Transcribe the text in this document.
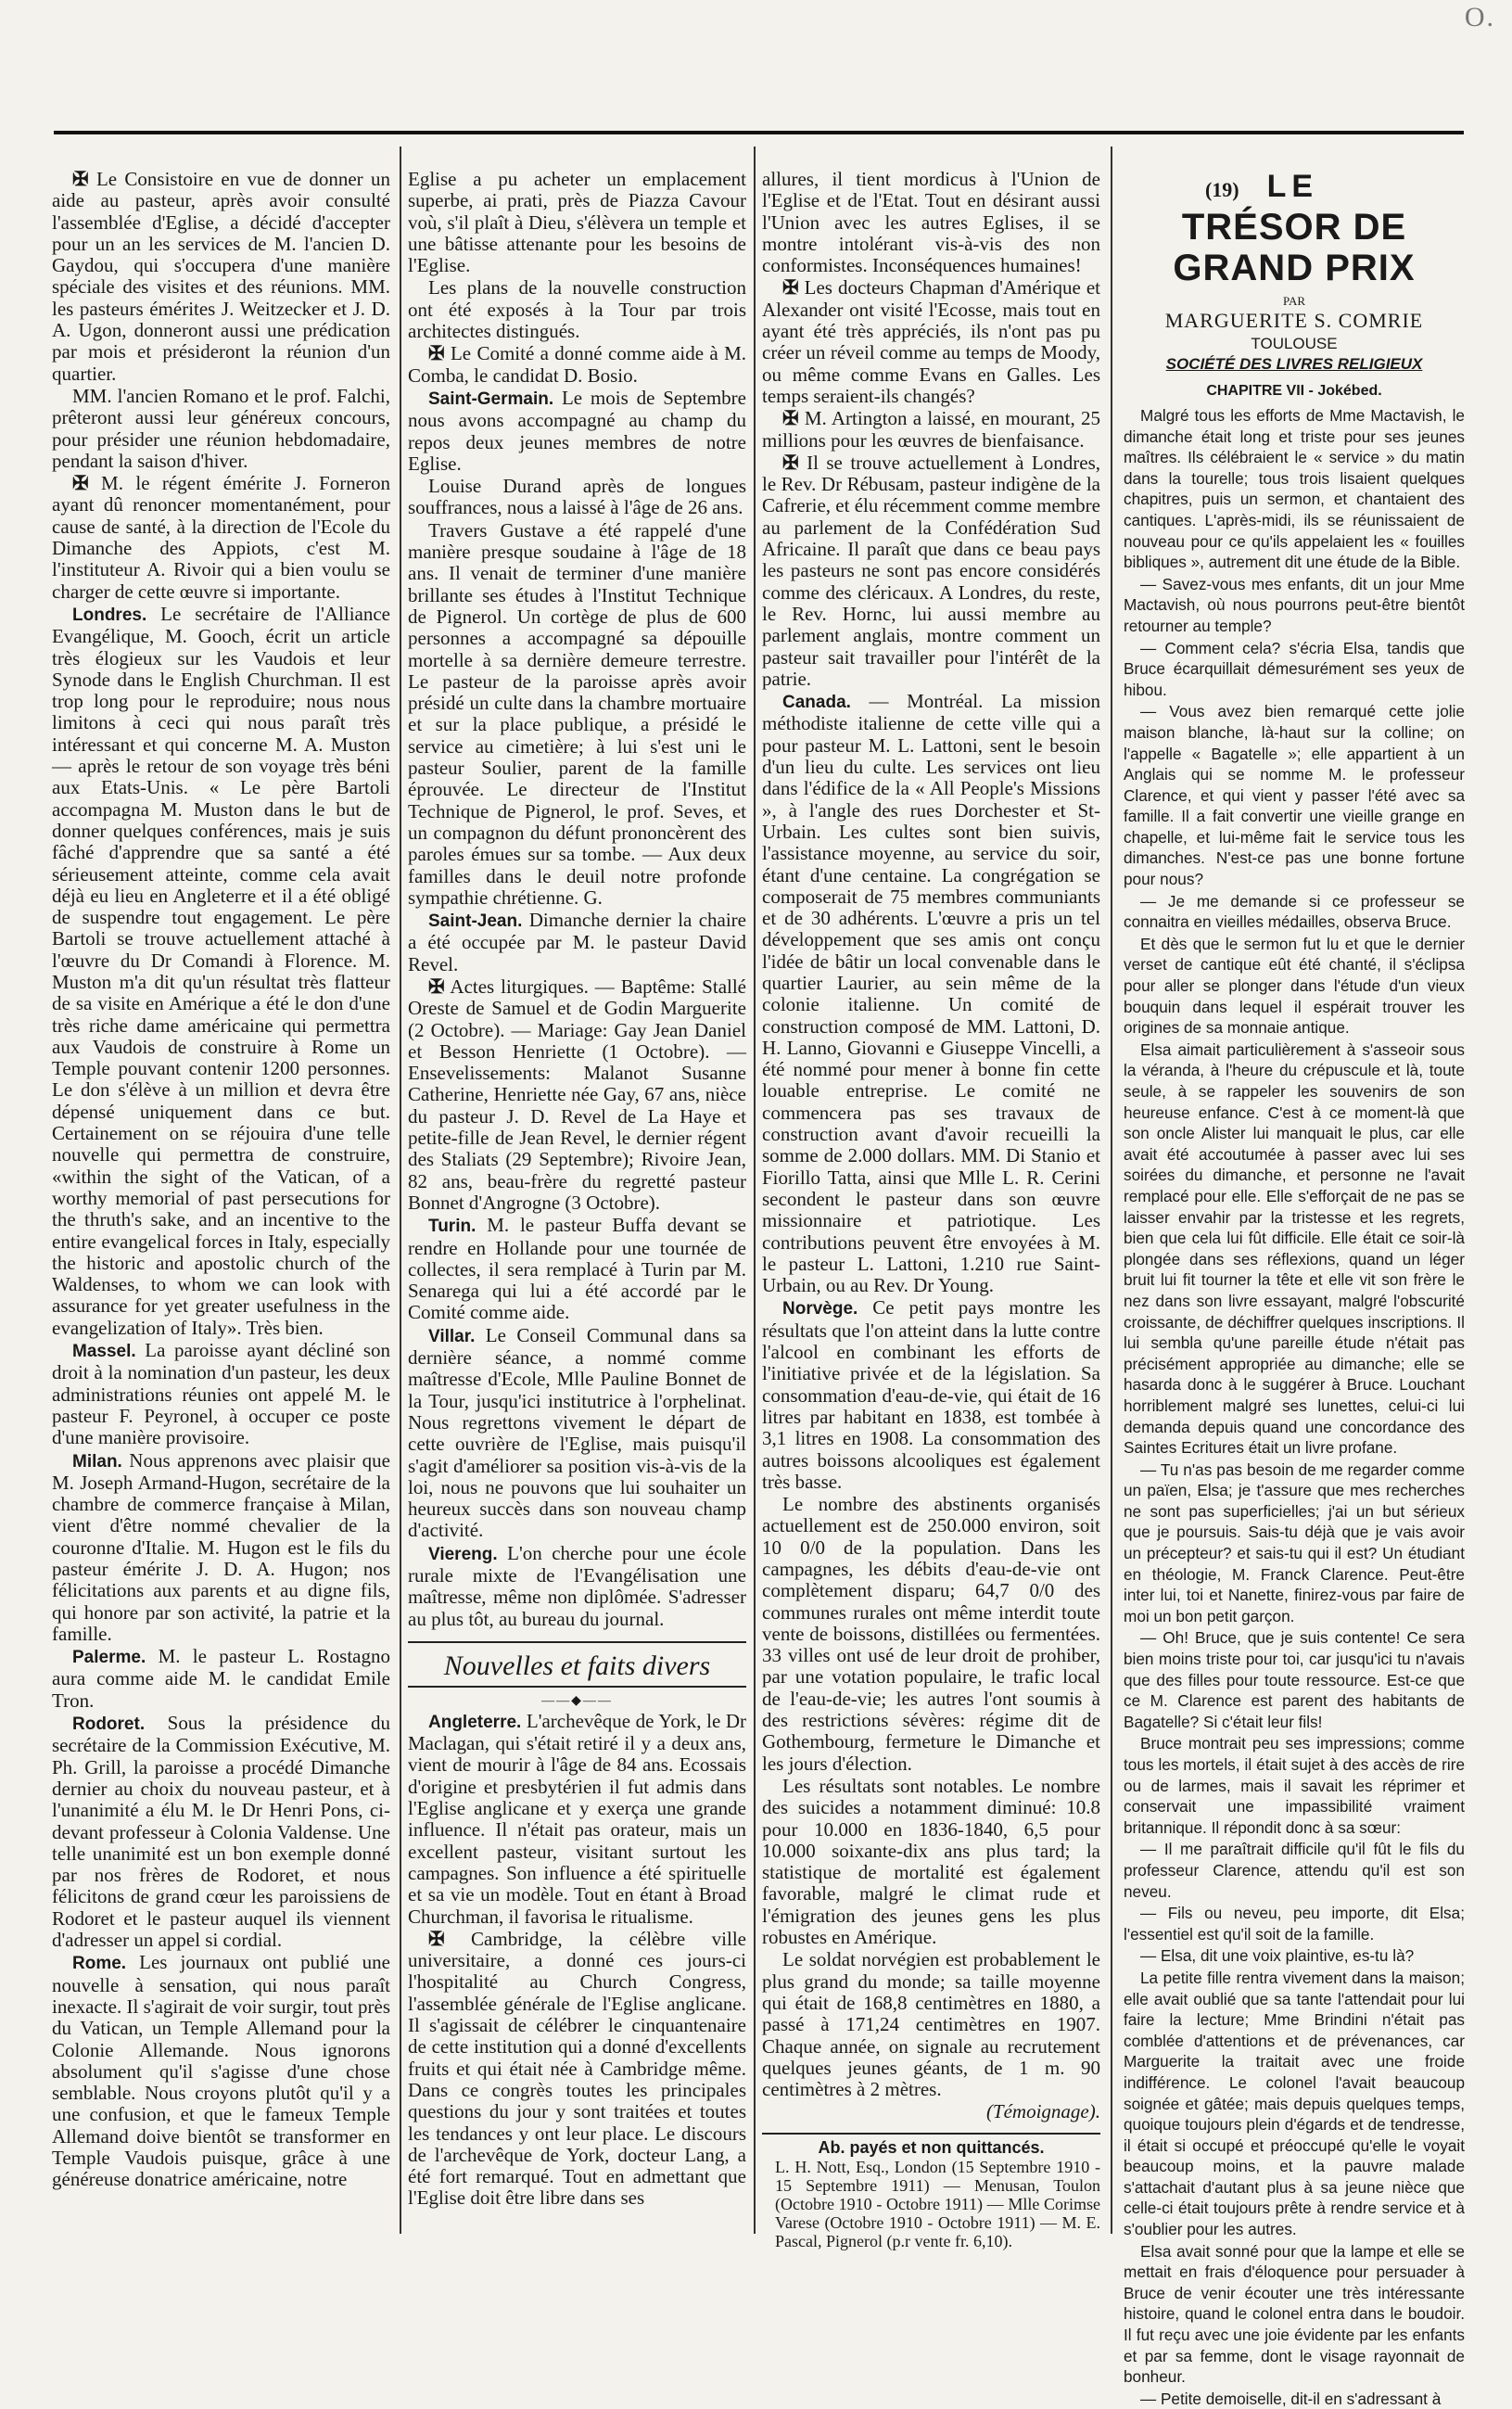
O.

✠ Le Consistoire en vue de donner un aide au pasteur, après avoir consulté l'assemblée d'Eglise, a décidé d'accepter pour un an les services de M. l'ancien D. Gaydou, qui s'occupera d'une manière spéciale des visites et des réunions. MM. les pasteurs émérites J. Weitzecker et J. D. A. Ugon, donneront aussi une prédication par mois et présideront la réunion d'un quartier.

MM. l'ancien Romano et le prof. Falchi, prêteront aussi leur généreux concours, pour présider une réunion hebdomadaire, pendant la saison d'hiver.

✠ M. le régent émérite J. Forneron ayant dû renoncer momentanément, pour cause de santé, à la direction de l'Ecole du Dimanche des Appiots, c'est M. l'instituteur A. Rivoir qui a bien voulu se charger de cette œuvre si importante.

Londres. Le secrétaire de l'Alliance Evangélique, M. Gooch, écrit un article très élogieux sur les Vaudois et leur Synode dans le English Churchman. Il est trop long pour le reproduire; nous nous limitons à ceci qui nous paraît très intéressant et qui concerne M. A. Muston — après le retour de son voyage très béni aux Etats-Unis. « Le père Bartoli accompagna M. Muston dans le but de donner quelques conférences, mais je suis fâché d'apprendre que sa santé a été sérieusement atteinte, comme cela avait déjà eu lieu en Angleterre et il a été obligé de suspendre tout engagement. Le père Bartoli se trouve actuellement attaché à l'œuvre du Dr Comandi à Florence. M. Muston m'a dit qu'un résultat très flatteur de sa visite en Amérique a été le don d'une très riche dame américaine qui permettra aux Vaudois de construire à Rome un Temple pouvant contenir 1200 personnes. Le don s'élève à un million et devra être dépensé uniquement dans ce but. Certainement on se réjouira d'une telle nouvelle qui permettra de construire, «within the sight of the Vatican, of a worthy memorial of past persecutions for the thruth's sake, and an incentive to the entire evangelical forces in Italy, especially the historic and apostolic church of the Waldenses, to whom we can look with assurance for yet greater usefulness in the evangelization of Italy». Très bien.

Massel. La paroisse ayant décliné son droit à la nomination d'un pasteur, les deux administrations réunies ont appelé M. le pasteur F. Peyronel, à occuper ce poste d'une manière provisoire.

Milan. Nous apprenons avec plaisir que M. Joseph Armand-Hugon, secrétaire de la chambre de commerce française à Milan, vient d'être nommé chevalier de la couronne d'Italie. M. Hugon est le fils du pasteur émérite J. D. A. Hugon; nos félicitations aux parents et au digne fils, qui honore par son activité, la patrie et la famille.

Palerme. M. le pasteur L. Rostagno aura comme aide M. le candidat Emile Tron.

Rodoret. Sous la présidence du secrétaire de la Commission Exécutive, M. Ph. Grill, la paroisse a procédé Dimanche dernier au choix du nouveau pasteur, et à l'unanimité a élu M. le Dr Henri Pons, ci-devant professeur à Colonia Valdense. Une telle unanimité est un bon exemple donné par nos frères de Rodoret, et nous félicitons de grand cœur les paroissiens de Rodoret et le pasteur auquel ils viennent d'adresser un appel si cordial.

Rome. Les journaux ont publié une nouvelle à sensation, qui nous paraît inexacte. Il s'agirait de voir surgir, tout près du Vatican, un Temple Allemand pour la Colonie Allemande. Nous ignorons absolument qu'il s'agisse d'une chose semblable. Nous croyons plutôt qu'il y a une confusion, et que le fameux Temple Allemand doive bientôt se transformer en Temple Vaudois puisque, grâce à une généreuse donatrice américaine, notre

Eglise a pu acheter un emplacement superbe, ai prati, près de Piazza Cavour voù, s'il plaît à Dieu, s'élèvera un temple et une bâtisse attenante pour les besoins de l'Eglise.

Les plans de la nouvelle construction ont été exposés à la Tour par trois architectes distingués.

✠ Le Comité a donné comme aide à M. Comba, le candidat D. Bosio.

Saint-Germain. Le mois de Septembre nous avons accompagné au champ du repos deux jeunes membres de notre Eglise.

Louise Durand après de longues souffrances, nous a laissé à l'âge de 26 ans.

Travers Gustave a été rappelé d'une manière presque soudaine à l'âge de 18 ans. Il venait de terminer d'une manière brillante ses études à l'Institut Technique de Pignerol. Un cortège de plus de 600 personnes a accompagné sa dépouille mortelle à sa dernière demeure terrestre. Le pasteur de la paroisse après avoir présidé un culte dans la chambre mortuaire et sur la place publique, a présidé le service au cimetière; à lui s'est uni le pasteur Soulier, parent de la famille éprouvée. Le directeur de l'Institut Technique de Pignerol, le prof. Seves, et un compagnon du défunt prononcèrent des paroles émues sur sa tombe. — Aux deux familles dans le deuil notre profonde sympathie chrétienne. G.

Saint-Jean. Dimanche dernier la chaire a été occupée par M. le pasteur David Revel.

✠ Actes liturgiques. — Baptême: Stallé Oreste de Samuel et de Godin Marguerite (2 Octobre). — Mariage: Gay Jean Daniel et Besson Henriette (1 Octobre). — Ensevelissements: Malanot Susanne Catherine, Henriette née Gay, 67 ans, nièce du pasteur J. D. Revel de La Haye et petite-fille de Jean Revel, le dernier régent des Staliats (29 Septembre); Rivoire Jean, 82 ans, beau-frère du regretté pasteur Bonnet d'Angrogne (3 Octobre).

Turin. M. le pasteur Buffa devant se rendre en Hollande pour une tournée de collectes, il sera remplacé à Turin par M. Senarega qui lui a été accordé par le Comité comme aide.

Villar. Le Conseil Communal dans sa dernière séance, a nommé comme maîtresse d'Ecole, Mlle Pauline Bonnet de la Tour, jusqu'ici institutrice à l'orphelinat. Nous regrettons vivement le départ de cette ouvrière de l'Eglise, mais puisqu'il s'agit d'améliorer sa position vis-à-vis de la loi, nous ne pouvons que lui souhaiter un heureux succès dans son nouveau champ d'activité.

Viereng. L'on cherche pour une école rurale mixte de l'Evangélisation une maîtresse, même non diplômée. S'adresser au plus tôt, au bureau du journal.

Nouvelles et faits divers
——◆——

Angleterre. L'archevêque de York, le Dr Maclagan, qui s'était retiré il y a deux ans, vient de mourir à l'âge de 84 ans. Ecossais d'origine et presbytérien il fut admis dans l'Eglise anglicane et y exerça une grande influence. Il n'était pas orateur, mais un excellent pasteur, visitant surtout les campagnes. Son influence a été spirituelle et sa vie un modèle. Tout en étant à Broad Churchman, il favorisa le ritualisme.

✠ Cambridge, la célèbre ville universitaire, a donné ces jours-ci l'hospitalité au Church Congress, l'assemblée générale de l'Eglise anglicane. Il s'agissait de célébrer le cinquantenaire de cette institution qui a donné d'excellents fruits et qui était née à Cambridge même. Dans ce congrès toutes les principales questions du jour y sont traitées et toutes les tendances y ont leur place. Le discours de l'archevêque de York, docteur Lang, a été fort remarqué. Tout en admettant que l'Eglise doit être libre dans ses

allures, il tient mordicus à l'Union de l'Eglise et de l'Etat. Tout en désirant aussi l'Union avec les autres Eglises, il se montre intolérant vis-à-vis des non conformistes. Inconséquences humaines!

✠ Les docteurs Chapman d'Amérique et Alexander ont visité l'Ecosse, mais tout en ayant été très appréciés, ils n'ont pas pu créer un réveil comme au temps de Moody, ou même comme Evans en Galles. Les temps seraient-ils changés?

✠ M. Artington a laissé, en mourant, 25 millions pour les œuvres de bienfaisance.

✠ Il se trouve actuellement à Londres, le Rev. Dr Rébusam, pasteur indigène de la Cafrerie, et élu récemment comme membre au parlement de la Confédération Sud Africaine. Il paraît que dans ce beau pays les pasteurs ne sont pas encore considérés comme des cléricaux. A Londres, du reste, le Rev. Hornc, lui aussi membre au parlement anglais, montre comment un pasteur sait travailler pour l'intérêt de la patrie.

Canada. — Montréal. La mission méthodiste italienne de cette ville qui a pour pasteur M. L. Lattoni, sent le besoin d'un lieu du culte. Les services ont lieu dans l'édifice de la « All People's Missions », à l'angle des rues Dorchester et St-Urbain. Les cultes sont bien suivis, l'assistance moyenne, au service du soir, étant d'une centaine. La congrégation se composerait de 75 membres communiants et de 30 adhérents. L'œuvre a pris un tel développement que ses amis ont conçu l'idée de bâtir un local convenable dans le quartier Laurier, au sein même de la colonie italienne. Un comité de construction composé de MM. Lattoni, D. H. Lanno, Giovanni e Giuseppe Vincelli, a été nommé pour mener à bonne fin cette louable entreprise. Le comité ne commencera pas ses travaux de construction avant d'avoir recueilli la somme de 2.000 dollars. MM. Di Stanio et Fiorillo Tatta, ainsi que Mlle L. R. Cerini secondent le pasteur dans son œuvre missionnaire et patriotique. Les contributions peuvent être envoyées à M. le pasteur L. Lattoni, 1.210 rue Saint-Urbain, ou au Rev. Dr Young.

Norvège. Ce petit pays montre les résultats que l'on atteint dans la lutte contre l'alcool en combinant les efforts de l'initiative privée et de la législation. Sa consommation d'eau-de-vie, qui était de 16 litres par habitant en 1838, est tombée à 3,1 litres en 1908. La consommation des autres boissons alcooliques est également très basse.

Le nombre des abstinents organisés actuellement est de 250.000 environ, soit 10 0/0 de la population. Dans les campagnes, les débits d'eau-de-vie ont complètement disparu; 64,7 0/0 des communes rurales ont même interdit toute vente de boissons, distillées ou fermentées. 33 villes ont usé de leur droit de prohiber, par une votation populaire, le trafic local de l'eau-de-vie; les autres l'ont soumis à des restrictions sévères: régime dit de Gothembourg, fermeture le Dimanche et les jours d'élection.

Les résultats sont notables. Le nombre des suicides a notamment diminué: 10.8 pour 10.000 en 1836-1840, 6,5 pour 10.000 soixante-dix ans plus tard; la statistique de mortalité est également favorable, malgré le climat rude et l'émigration des jeunes gens les plus robustes en Amérique.

Le soldat norvégien est probablement le plus grand du monde; sa taille moyenne qui était de 168,8 centimètres en 1880, a passé à 171,24 centimètres en 1907. Chaque année, on signale au recrutement quelques jeunes géants, de 1 m. 90 centimètres à 2 mètres.

(Témoignage).

Ab. payés et non quittancés.

L. H. Nott, Esq., London (15 Septembre 1910 - 15 Septembre 1911) — Menusan, Toulon (Octobre 1910 - Octobre 1911) — Mlle Corimse Varese (Octobre 1910 - Octobre 1911) — M. E. Pascal, Pignerol (p.r vente fr. 6,10).

(19) LE
TRÉSOR DE GRAND PRIX
PAR
MARGUERITE S. COMRIE
TOULOUSE
SOCIÉTÉ DES LIVRES RELIGIEUX
CHAPITRE VII - Jokébed.

Malgré tous les efforts de Mme Mactavish, le dimanche était long et triste pour ses jeunes maîtres. Ils célébraient le « service » du matin dans la tourelle; tous trois lisaient quelques chapitres, puis un sermon, et chantaient des cantiques. L'après-midi, ils se réunissaient de nouveau pour ce qu'ils appelaient les « fouilles bibliques », autrement dit une étude de la Bible.

— Savez-vous mes enfants, dit un jour Mme Mactavish, où nous pourrons peut-être bientôt retourner au temple?

— Comment cela? s'écria Elsa, tandis que Bruce écarquillait démesurément ses yeux de hibou.

— Vous avez bien remarqué cette jolie maison blanche, là-haut sur la colline; on l'appelle « Bagatelle »; elle appartient à un Anglais qui se nomme M. le professeur Clarence, et qui vient y passer l'été avec sa famille. Il a fait convertir une vieille grange en chapelle, et lui-même fait le service tous les dimanches. N'est-ce pas une bonne fortune pour nous?

— Je me demande si ce professeur se connaitra en vieilles médailles, observa Bruce.

Et dès que le sermon fut lu et que le dernier verset de cantique eût été chanté, il s'éclipsa pour aller se plonger dans l'étude d'un vieux bouquin dans lequel il espérait trouver les origines de sa monnaie antique.

Elsa aimait particulièrement à s'asseoir sous la véranda, à l'heure du crépuscule et là, toute seule, à se rappeler les souvenirs de son heureuse enfance. C'est à ce moment-là que son oncle Alister lui manquait le plus, car elle avait été accoutumée à passer avec lui ses soirées du dimanche, et personne ne l'avait remplacé pour elle. Elle s'efforçait de ne pas se laisser envahir par la tristesse et les regrets, bien que cela lui fût difficile. Elle était ce soir-là plongée dans ses réflexions, quand un léger bruit lui fit tourner la tête et elle vit son frère le nez dans son livre essayant, malgré l'obscurité croissante, de déchiffrer quelques inscriptions. Il lui sembla qu'une pareille étude n'était pas précisément appropriée au dimanche; elle se hasarda donc à le suggérer à Bruce. Louchant horriblement malgré ses lunettes, celui-ci lui demanda depuis quand une concordance des Saintes Ecritures était un livre profane.

— Tu n'as pas besoin de me regarder comme un païen, Elsa; je t'assure que mes recherches ne sont pas superficielles; j'ai un but sérieux que je poursuis. Sais-tu déjà que je vais avoir un précepteur? et sais-tu qui il est? Un étudiant en théologie, M. Franck Clarence. Peut-être inter lui, toi et Nanette, finirez-vous par faire de moi un bon petit garçon.

— Oh! Bruce, que je suis contente! Ce sera bien moins triste pour toi, car jusqu'ici tu n'avais que des filles pour toute ressource. Est-ce que ce M. Clarence est parent des habitants de Bagatelle? Si c'était leur fils!

Bruce montrait peu ses impressions; comme tous les mortels, il était sujet à des accès de rire ou de larmes, mais il savait les réprimer et conservait une impassibilité vraiment britannique. Il répondit donc à sa sœur:

— Il me paraîtrait difficile qu'il fût le fils du professeur Clarence, attendu qu'il est son neveu.

— Fils ou neveu, peu importe, dit Elsa; l'essentiel est qu'il soit de la famille.

— Elsa, dit une voix plaintive, es-tu là?

La petite fille rentra vivement dans la maison; elle avait oublié que sa tante l'attendait pour lui faire la lecture; Mme Brindini n'était pas comblée d'attentions et de prévenances, car Marguerite la traitait avec une froide indifférence. Le colonel l'avait beaucoup soignée et gâtée; mais depuis quelques temps, quoique toujours plein d'égards et de tendresse, il était si occupé et préoccupé qu'elle le voyait beaucoup moins, et la pauvre malade s'attachait d'autant plus à sa jeune nièce que celle-ci était toujours prête à rendre service et à s'oublier pour les autres.

Elsa avait sonné pour que la lampe et elle se mettait en frais d'éloquence pour persuader à Bruce de venir écouter une très intéressante histoire, quand le colonel entra dans le boudoir. Il fut reçu avec une joie évidente par les enfants et par sa femme, dont le visage rayonnait de bonheur.

— Petite demoiselle, dit-il en s'adressant à
